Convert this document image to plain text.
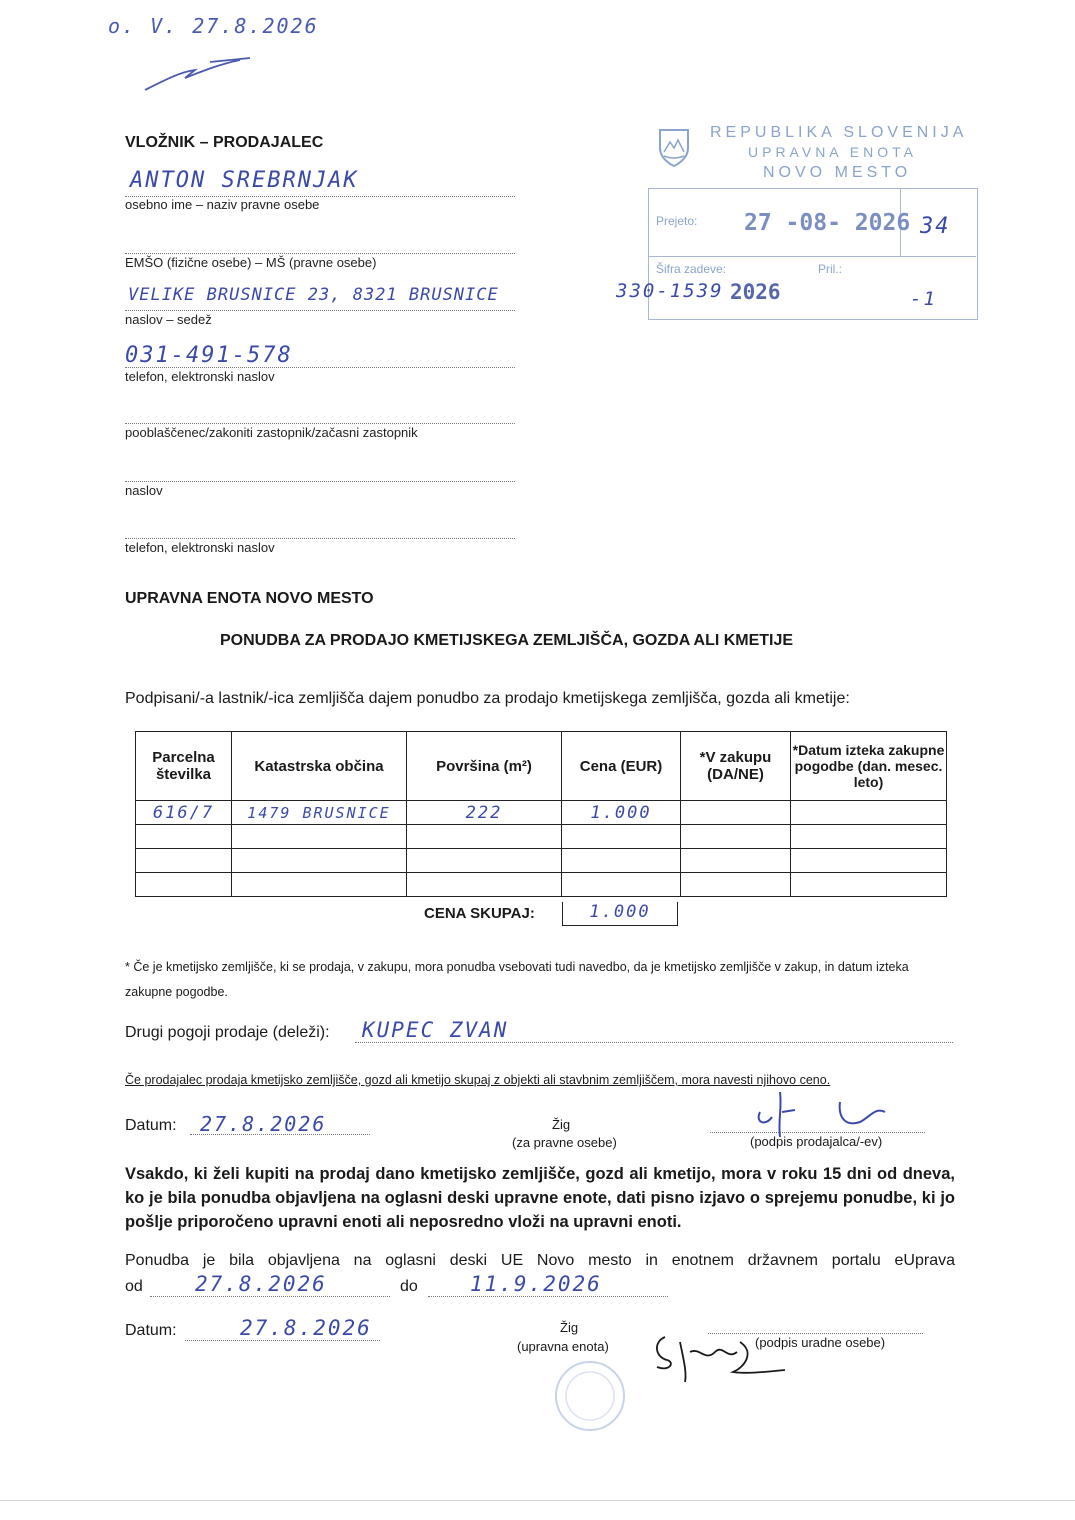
o. V. 27.8.2026
VLOŽNIK – PRODAJALEC
ANTON SREBRNJAK
osebno ime – naziv pravne osebe
EMŠO (fizične osebe) – MŠ (pravne osebe)
VELIKE BRUSNICE 23, 8321 BRUSNICE
naslov – sedež
031-491-578
telefon, elektronski naslov
pooblaščenec/zakoniti zastopnik/začasni zastopnik
naslov
telefon, elektronski naslov
REPUBLIKA SLOVENIJA
UPRAVNA ENOTA
NOVO MESTO
Prejeto: 27 -08- 2026 34
Šifra zadeve:	Pril.:
330-1539 2026	-1
UPRAVNA ENOTA NOVO MESTO
PONUDBA ZA PRODAJO KMETIJSKEGA ZEMLJIŠČA, GOZDA ALI KMETIJE
Podpisani/-a lastnik/-ica zemljišča dajem ponudbo za prodajo kmetijskega zemljišča, gozda ali kmetije:
Parcelna številka	Katastrska občina	Površina (m²)	Cena (EUR)	*V zakupu (DA/NE)	*Datum izteka zakupne pogodbe (dan. mesec. leto)
616/7	1479 BRUSNICE	222	1.000		

CENA SKUPAJ:	1.000
* Če je kmetijsko zemljišče, ki se prodaja, v zakupu, mora ponudba vsebovati tudi navedbo, da je kmetijsko zemljišče v zakup, in datum izteka zakupne pogodbe.
Drugi pogoji prodaje (deleži): KUPEC ZVAN
Če prodajalec prodaja kmetijsko zemljišče, gozd ali kmetijo skupaj z objekti ali stavbnim zemljiščem, mora navesti njihovo ceno.
Datum: 27.8.2026	Žig
(za pravne osebe)	(podpis prodajalca/-ev)
Vsakdo, ki želi kupiti na prodaj dano kmetijsko zemljišče, gozd ali kmetijo, mora v roku 15 dni od dneva, ko je bila ponudba objavljena na oglasni deski upravne enote, dati pisno izjavo o sprejemu ponudbe, ki jo pošlje priporočeno upravni enoti ali neposredno vloži na upravni enoti.
Ponudba je bila objavljena na oglasni deski UE Novo mesto in enotnem državnem portalu eUprava
od 27.8.2026	do 11.9.2026
Datum:	27.8.2026	Žig
(upravna enota)	(podpis uradne osebe)
